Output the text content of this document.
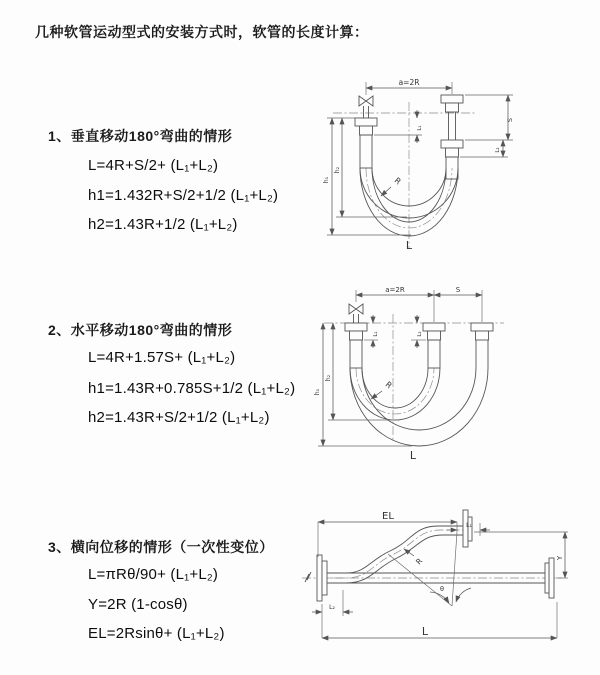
几种软管运动型式的安装方式时，软管的长度计算：
1、垂直移动180°弯曲的情形
L=4R+S/2+ (L₁+L₂)
h1=1.432R+S/2+1/2 (L₁+L₂)
h2=1.43R+1/2 (L₁+L₂)
2、水平移动180°弯曲的情形
L=4R+1.57S+ (L₁+L₂)
h1=1.43R+0.785S+1/2 (L₁+L₂)
h2=1.43R+S/2+1/2 (L₁+L₂)
3、横向位移的情形（一次性变位）
L=πRθ/90+ (L₁+L₂)
Y=2R (1-cosθ)
EL=2Rsinθ+ (L₁+L₂)
a=2R
h₁
h₂
L₁
S
L₂
R
L
a=2R	S
h₁
h₂
L₁	L₂
R
L
θ
EL
L₁
Y
L₂
L
R
